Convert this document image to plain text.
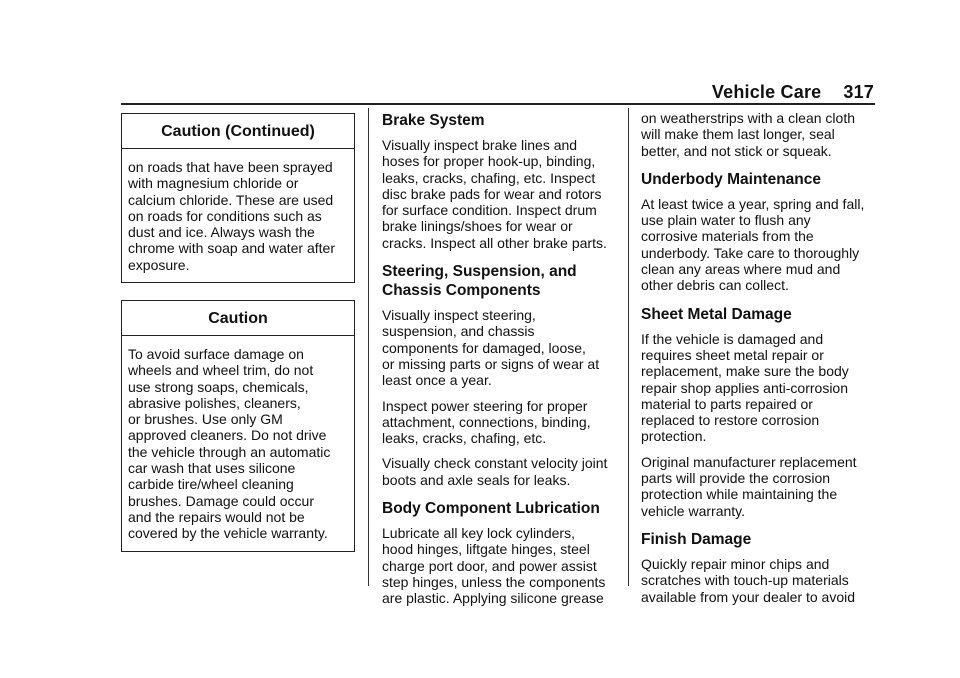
Vehicle Care 317
Caution (Continued)
on roads that have been sprayed
with magnesium chloride or
calcium chloride. These are used
on roads for conditions such as
dust and ice. Always wash the
chrome with soap and water after
exposure.
Caution
To avoid surface damage on
wheels and wheel trim, do not
use strong soaps, chemicals,
abrasive polishes, cleaners,
or brushes. Use only GM
approved cleaners. Do not drive
the vehicle through an automatic
car wash that uses silicone
carbide tire/wheel cleaning
brushes. Damage could occur
and the repairs would not be
covered by the vehicle warranty.
Brake System

Visually inspect brake lines and
hoses for proper hook-up, binding,
leaks, cracks, chafing, etc. Inspect
disc brake pads for wear and rotors
for surface condition. Inspect drum
brake linings/shoes for wear or
cracks. Inspect all other brake parts.

Steering, Suspension, and
Chassis Components

Visually inspect steering,
suspension, and chassis
components for damaged, loose,
or missing parts or signs of wear at
least once a year.

Inspect power steering for proper
attachment, connections, binding,
leaks, cracks, chafing, etc.

Visually check constant velocity joint
boots and axle seals for leaks.

Body Component Lubrication

Lubricate all key lock cylinders,
hood hinges, liftgate hinges, steel
charge port door, and power assist
step hinges, unless the components
are plastic. Applying silicone grease

on weatherstrips with a clean cloth
will make them last longer, seal
better, and not stick or squeak.

Underbody Maintenance

At least twice a year, spring and fall,
use plain water to flush any
corrosive materials from the
underbody. Take care to thoroughly
clean any areas where mud and
other debris can collect.

Sheet Metal Damage

If the vehicle is damaged and
requires sheet metal repair or
replacement, make sure the body
repair shop applies anti-corrosion
material to parts repaired or
replaced to restore corrosion
protection.

Original manufacturer replacement
parts will provide the corrosion
protection while maintaining the
vehicle warranty.

Finish Damage

Quickly repair minor chips and
scratches with touch-up materials
available from your dealer to avoid
